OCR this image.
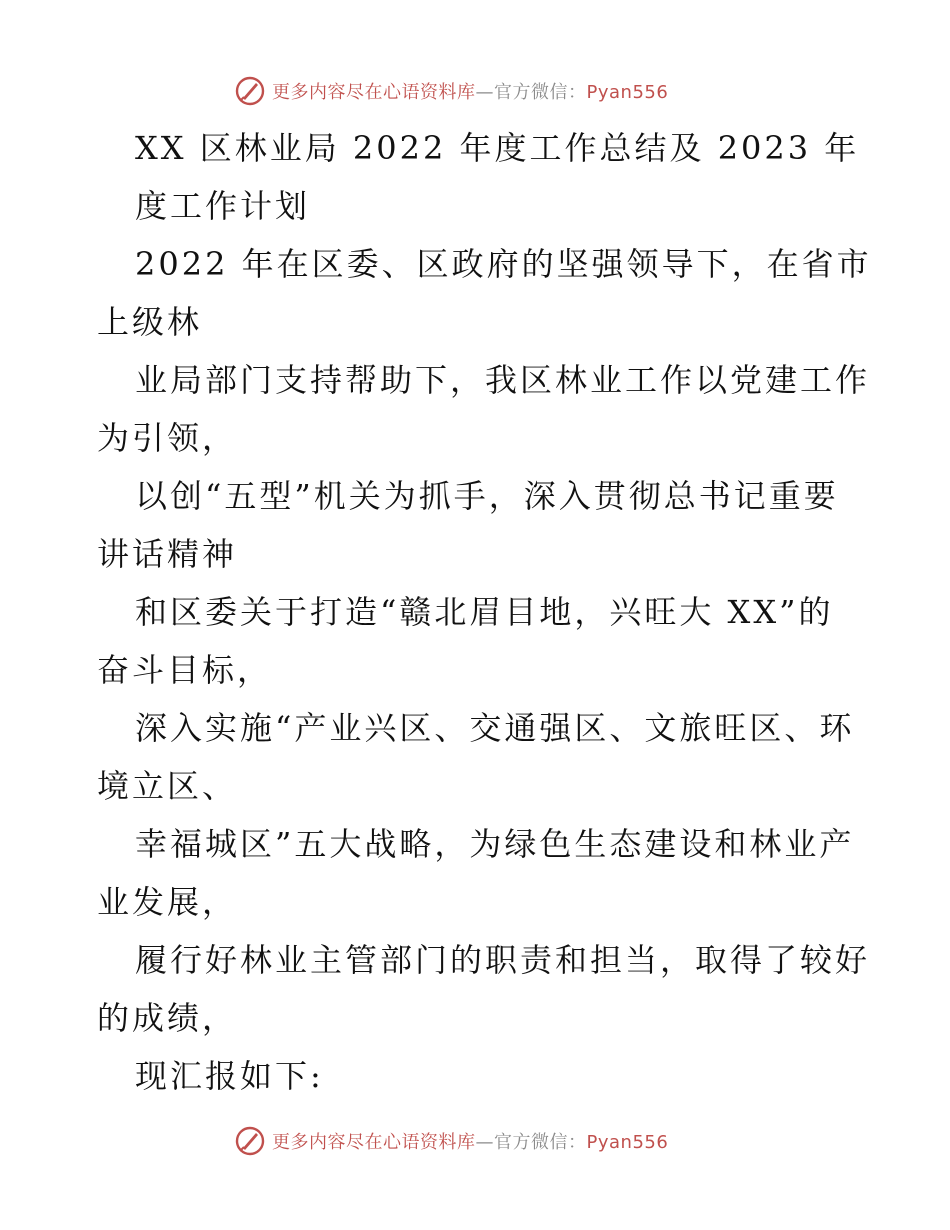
更多内容尽在心语资料库—官方微信：Pyan556
XX 区林业局 2022 年度工作总结及 2023 年
度工作计划
2022 年在区委、区政府的坚强领导下，在省市
上级林
业局部门支持帮助下，我区林业工作以党建工作
为引领，
以创“五型”机关为抓手，深入贯彻总书记重要
讲话精神
和区委关于打造“赣北眉目地，兴旺大 XX”的
奋斗目标，
深入实施“产业兴区、交通强区、文旅旺区、环
境立区、
幸福城区”五大战略，为绿色生态建设和林业产
业发展，
履行好林业主管部门的职责和担当，取得了较好
的成绩，
现汇报如下:
更多内容尽在心语资料库—官方微信：Pyan556
